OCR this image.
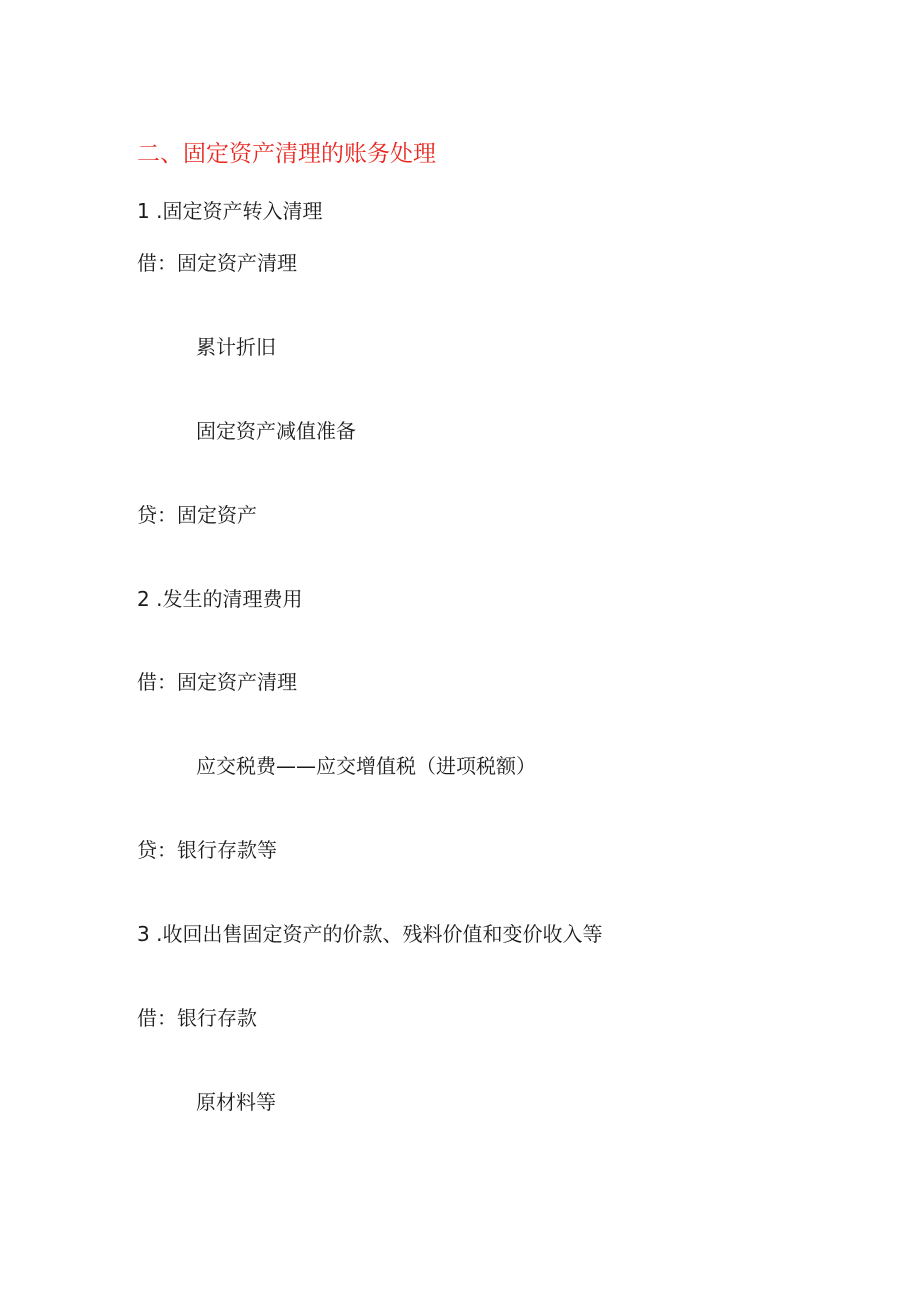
二、固定资产清理的账务处理
1 .固定资产转入清理
借：固定资产清理
累计折旧
固定资产减值准备
贷：固定资产
2 .发生的清理费用
借：固定资产清理
应交税费——应交增值税（进项税额）
贷：银行存款等
3 .收回出售固定资产的价款、残料价值和变价收入等
借：银行存款
原材料等
